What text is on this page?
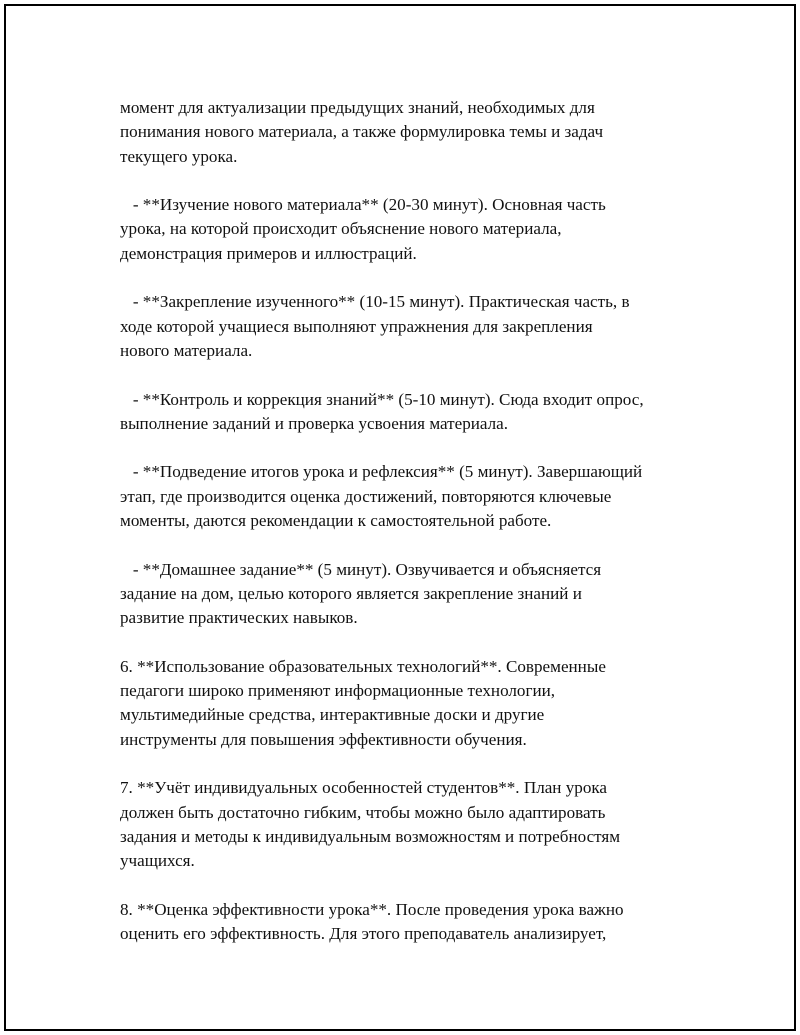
момент для актуализации предыдущих знаний, необходимых для
понимания нового материала, а также формулировка темы и задач
текущего урока.
- **Изучение нового материала** (20-30 минут). Основная часть
урока, на которой происходит объяснение нового материала,
демонстрация примеров и иллюстраций.
- **Закрепление изученного** (10-15 минут). Практическая часть, в
ходе которой учащиеся выполняют упражнения для закрепления
нового материала.
- **Контроль и коррекция знаний** (5-10 минут). Сюда входит опрос,
выполнение заданий и проверка усвоения материала.
- **Подведение итогов урока и рефлексия** (5 минут). Завершающий
этап, где производится оценка достижений, повторяются ключевые
моменты, даются рекомендации к самостоятельной работе.
- **Домашнее задание** (5 минут). Озвучивается и объясняется
задание на дом, целью которого является закрепление знаний и
развитие практических навыков.
6. **Использование образовательных технологий**. Современные
педагоги широко применяют информационные технологии,
мультимедийные средства, интерактивные доски и другие
инструменты для повышения эффективности обучения.
7. **Учёт индивидуальных особенностей студентов**. План урока
должен быть достаточно гибким, чтобы можно было адаптировать
задания и методы к индивидуальным возможностям и потребностям
учащихся.
8. **Оценка эффективности урока**. После проведения урока важно
оценить его эффективность. Для этого преподаватель анализирует,
